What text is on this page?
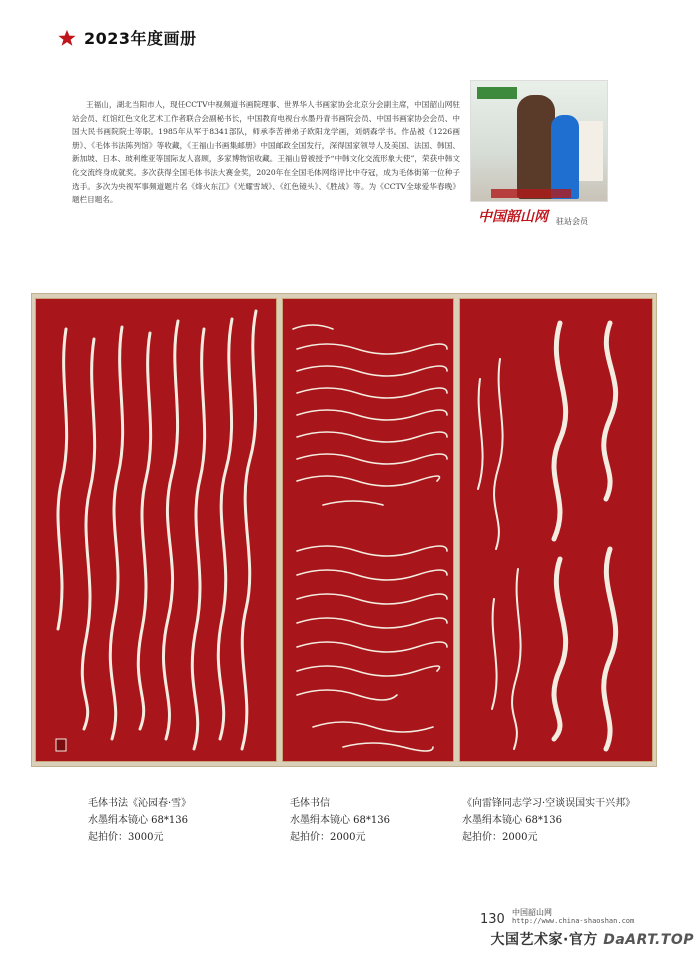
2023年度画册
王福山，湖北当阳市人，现任CCTV中视频道书画院理事、世界华人书画家协会北京分会副主席，中国韶山网驻站会员、红馆红色文化艺术工作者联合会副秘书长，中国教育电视台水墨丹青书画院会员、中国书画家协会会员、中国大民书画院院士等职。1985年从军于8341部队，师承李苦禅弟子欧阳龙学画，刘炳森学书。作品被《1226画册》、《毛体书法陈列馆》等收藏，《王福山书画集邮册》中国邮政全国发行，深得国家领导人及美国、法国、韩国、新加坡、日本、玻利维亚等国际友人喜顾，多家博物馆收藏。王福山曾被授予“中韩文化交流形象大使”，荣获中韩文化交流终身成就奖。多次获得全国毛体书法大赛金奖，2020年在全国毛体网络评比中夺冠，成为毛体街第一位种子选手。多次为央视军事频道题片名《烽火东江》《光耀雪域》、《红色镜头》、《胜战》等。为《CCTV全球爱华春晚》题栏目题名。
中国韶山网 驻站会员
毛体书法《沁园春·雪》
水墨绢本镜心 68*136
起拍价：3000元
毛体书信
水墨绢本镜心 68*136
起拍价：2000元
《向雷锋同志学习·空谈误国实干兴邦》
水墨绢本镜心 68*136
起拍价：2000元
130 中国韶山网
http://www.china-shaoshan.com
大国艺术家·官方 DaART.TOP
